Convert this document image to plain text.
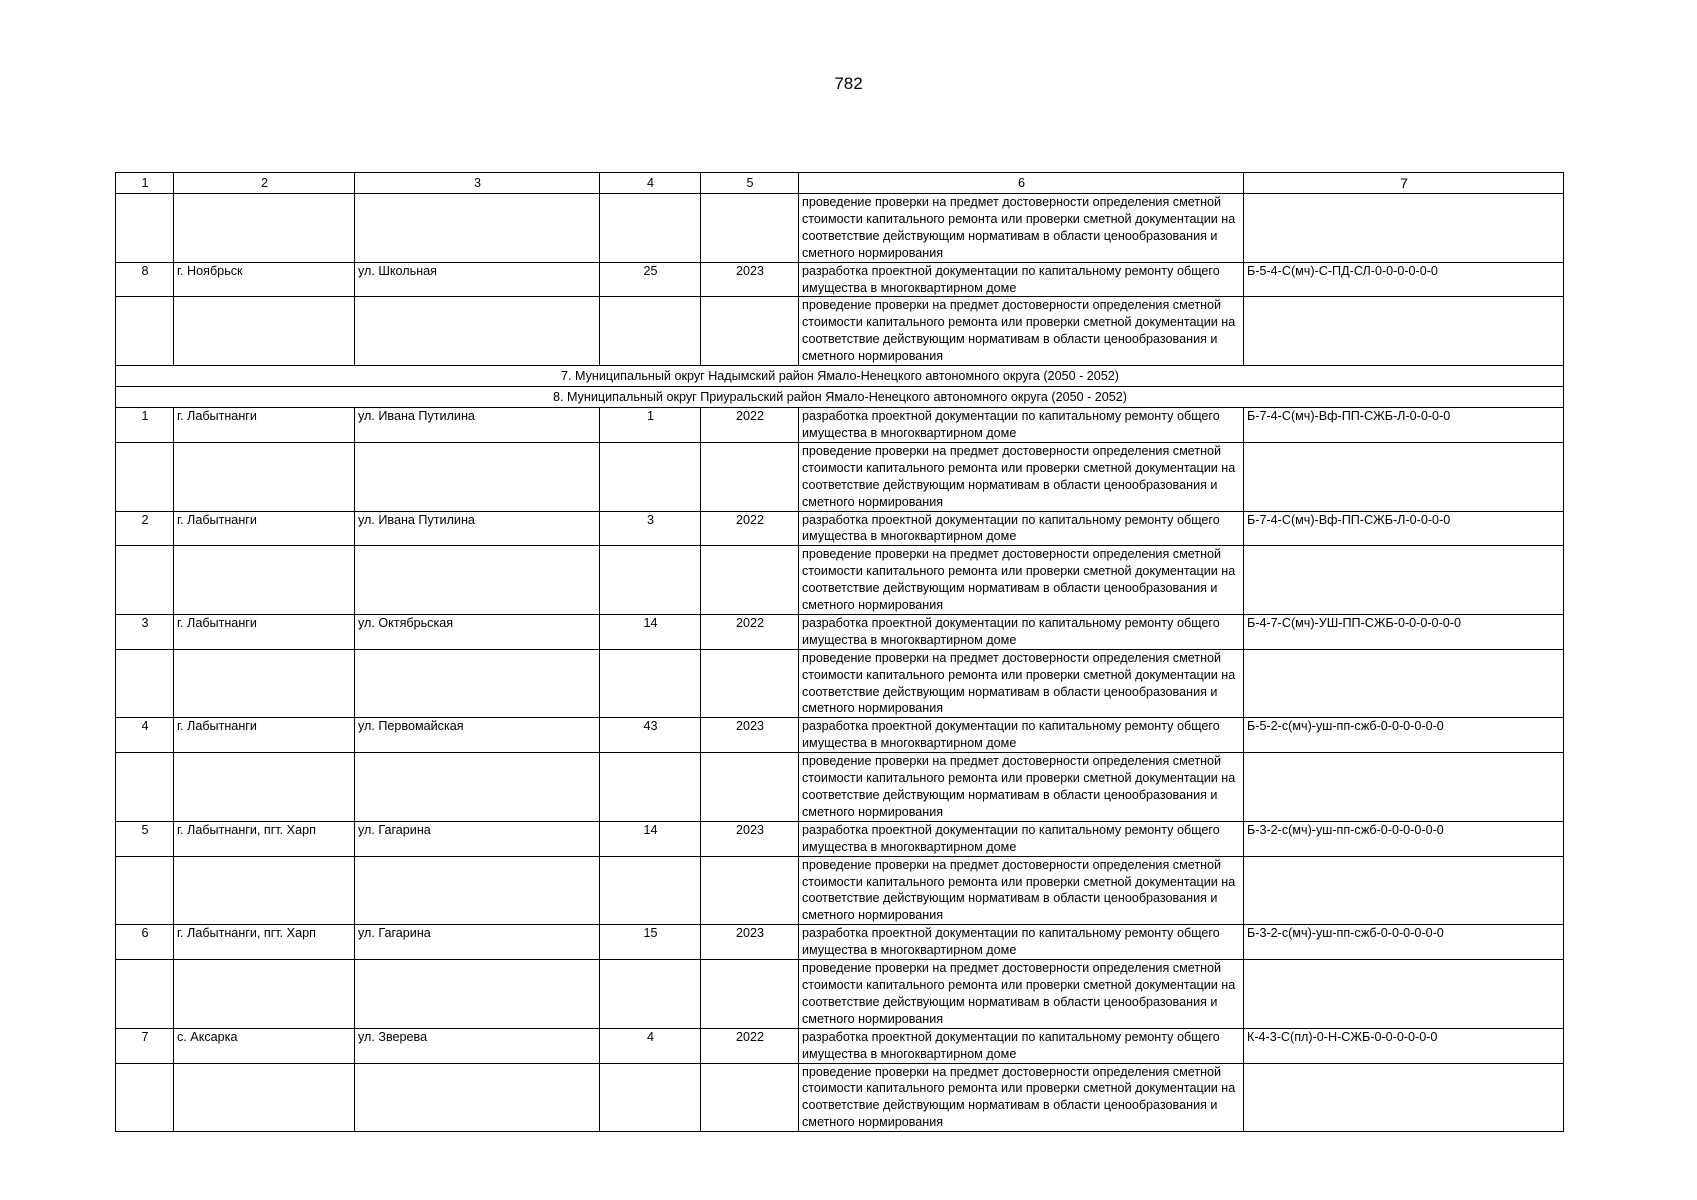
782
1	2	3	4	5	6	7
					проведение проверки на предмет достоверности определения сметной стоимости капитального ремонта или проверки сметной документации на соответствие действующим нормативам в области ценообразования и сметного нормирования	
8	г. Ноябрьск	ул. Школьная	25	2023	разработка проектной документации по капитальному ремонту общего имущества в многоквартирном доме	Б-5-4-С(мч)-С-ПД-СЛ-0-0-0-0-0-0
					проведение проверки на предмет достоверности определения сметной стоимости капитального ремонта или проверки сметной документации на соответствие действующим нормативам в области ценообразования и сметного нормирования	
7. Муниципальный округ Надымский район Ямало-Ненецкого автономного округа (2050 - 2052)						
8. Муниципальный округ Приуральский район Ямало-Ненецкого автономного округа (2050 - 2052)						
1	г. Лабытнанги	ул. Ивана Путилина	1	2022	разработка проектной документации по капитальному ремонту общего имущества в многоквартирном доме	Б-7-4-С(мч)-Вф-ПП-СЖБ-Л-0-0-0-0
					проведение проверки на предмет достоверности определения сметной стоимости капитального ремонта или проверки сметной документации на соответствие действующим нормативам в области ценообразования и сметного нормирования	
2	г. Лабытнанги	ул. Ивана Путилина	3	2022	разработка проектной документации по капитальному ремонту общего имущества в многоквартирном доме	Б-7-4-С(мч)-Вф-ПП-СЖБ-Л-0-0-0-0
					проведение проверки на предмет достоверности определения сметной стоимости капитального ремонта или проверки сметной документации на соответствие действующим нормативам в области ценообразования и сметного нормирования	
3	г. Лабытнанги	ул. Октябрьская	14	2022	разработка проектной документации по капитальному ремонту общего имущества в многоквартирном доме	Б-4-7-С(мч)-УШ-ПП-СЖБ-0-0-0-0-0-0
					проведение проверки на предмет достоверности определения сметной стоимости капитального ремонта или проверки сметной документации на соответствие действующим нормативам в области ценообразования и сметного нормирования	
4	г. Лабытнанги	ул. Первомайская	43	2023	разработка проектной документации по капитальному ремонту общего имущества в многоквартирном доме	Б-5-2-с(мч)-уш-пп-сжб-0-0-0-0-0-0
					проведение проверки на предмет достоверности определения сметной стоимости капитального ремонта или проверки сметной документации на соответствие действующим нормативам в области ценообразования и сметного нормирования	
5	г. Лабытнанги, пгт. Харп	ул. Гагарина	14	2023	разработка проектной документации по капитальному ремонту общего имущества в многоквартирном доме	Б-3-2-с(мч)-уш-пп-сжб-0-0-0-0-0-0
					проведение проверки на предмет достоверности определения сметной стоимости капитального ремонта или проверки сметной документации на соответствие действующим нормативам в области ценообразования и сметного нормирования	
6	г. Лабытнанги, пгт. Харп	ул. Гагарина	15	2023	разработка проектной документации по капитальному ремонту общего имущества в многоквартирном доме	Б-3-2-с(мч)-уш-пп-сжб-0-0-0-0-0-0
					проведение проверки на предмет достоверности определения сметной стоимости капитального ремонта или проверки сметной документации на соответствие действующим нормативам в области ценообразования и сметного нормирования	
7	с. Аксарка	ул. Зверева	4	2022	разработка проектной документации по капитальному ремонту общего имущества в многоквартирном доме	К-4-3-С(пл)-0-Н-СЖБ-0-0-0-0-0-0
					проведение проверки на предмет достоверности определения сметной стоимости капитального ремонта или проверки сметной документации на соответствие действующим нормативам в области ценообразования и сметного нормирования	
